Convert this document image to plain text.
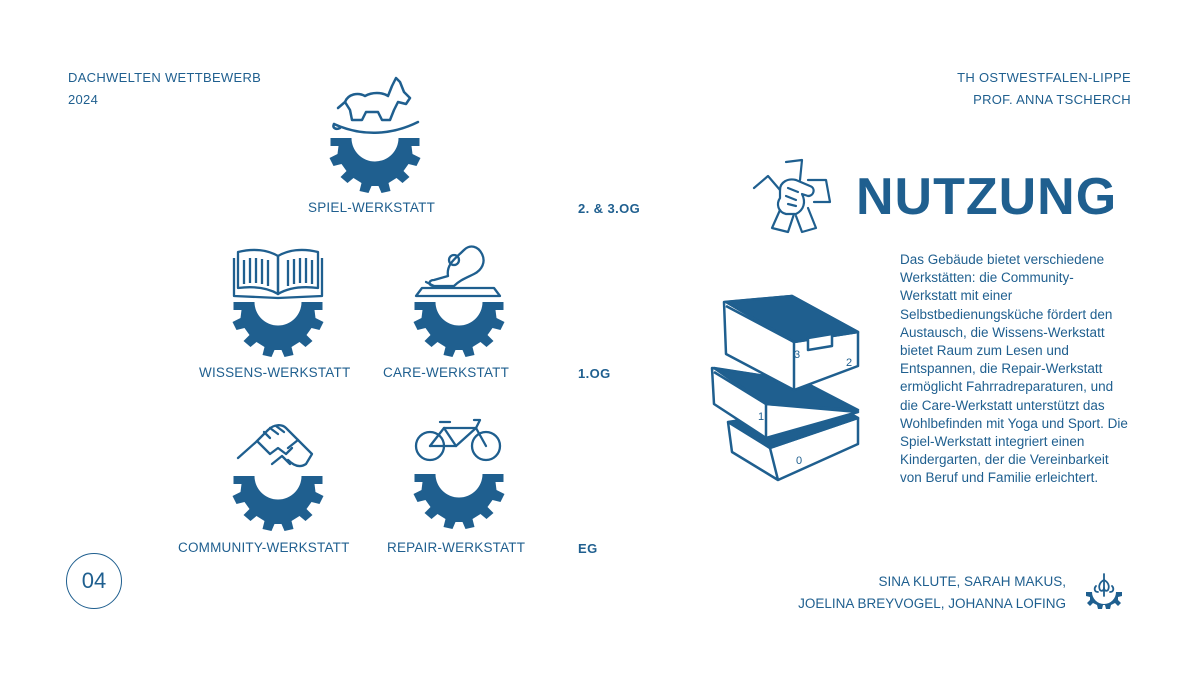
DACHWELTEN WETTBEWERB
2024
TH OSTWESTFALEN-LIPPE
PROF. ANNA TSCHERCH
SPIEL-WERKSTATT	2. & 3.OG
WISSENS-WERKSTATT CARE-WERKSTATT	1.OG
COMMUNITY-WERKSTATT	REPAIR-WERKSTATT	EG
04
NUTZUNG
3
2
1
0
Das Gebäude bietet verschiedene Werkstätten: die Community-Werkstatt mit einer Selbstbedienungsküche fördert den Austausch, die Wissens-Werkstatt bietet Raum zum Lesen und Entspannen, die Repair-Werkstatt ermöglicht Fahrradreparaturen, und die Care-Werkstatt unterstützt das Wohlbefinden mit Yoga und Sport. Die Spiel-Werkstatt integriert einen Kindergarten, der die Vereinbarkeit von Beruf und Familie erleichtert.
SINA KLUTE, SARAH MAKUS,
JOELINA BREYVOGEL, JOHANNA LOFING
